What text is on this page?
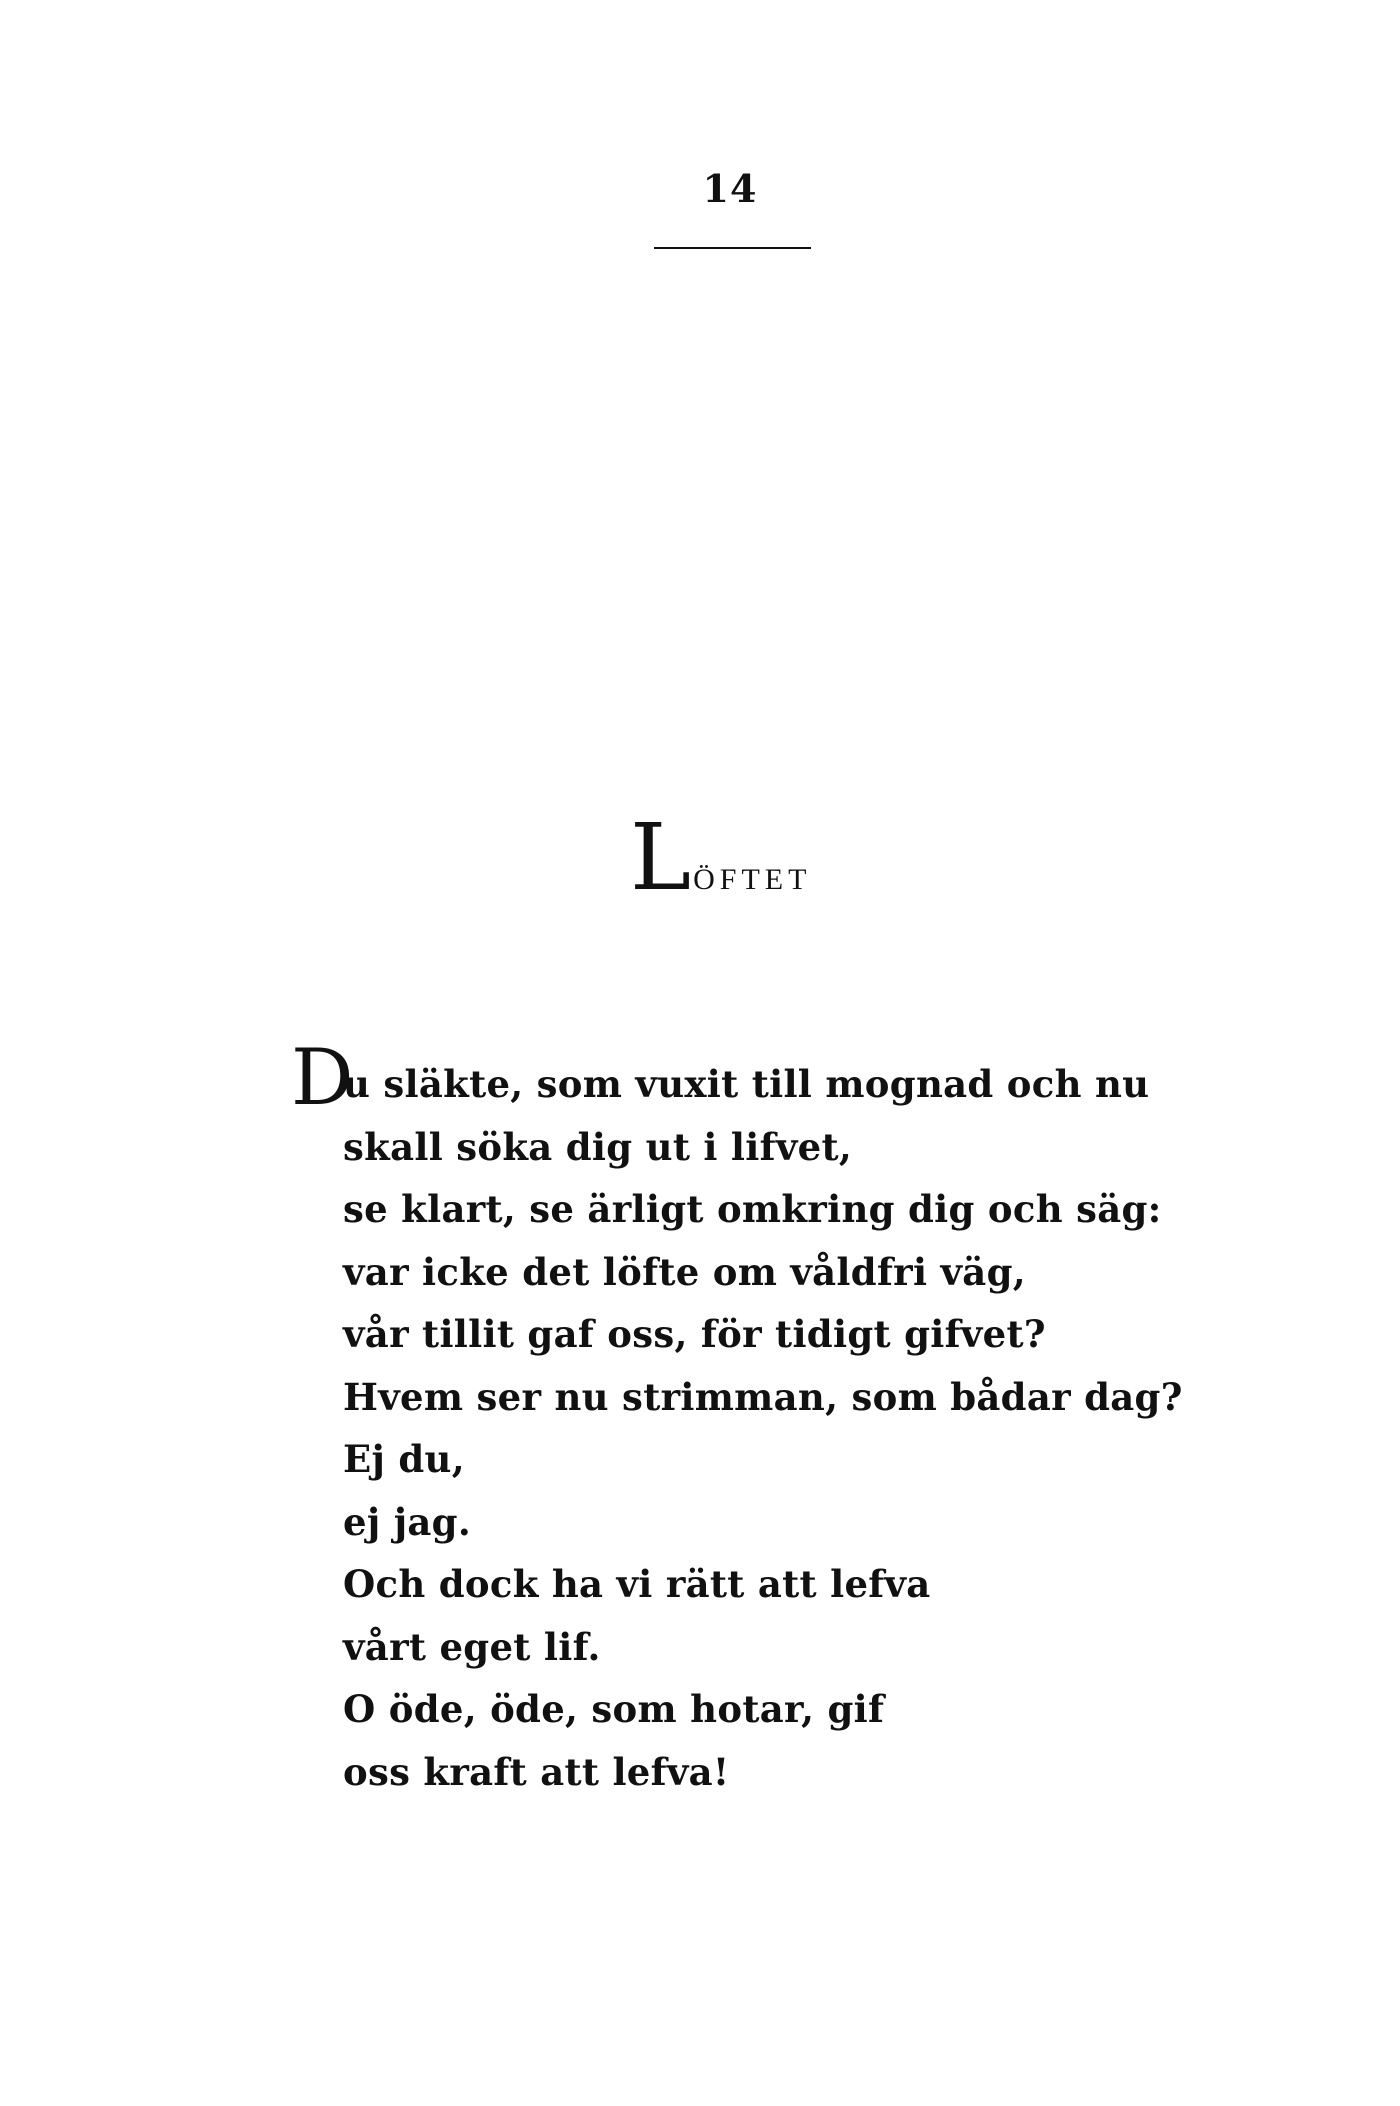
14
LÖFTET
D
u släkte, som vuxit till mognad och nu
skall söka dig ut i lifvet,
se klart, se ärligt omkring dig och säg:
var icke det löfte om våldfri väg,
vår tillit gaf oss, för tidigt gifvet?
Hvem ser nu strimman, som bådar dag?
Ej du,
ej jag.
Och dock ha vi rätt att lefva
vårt eget lif.
O öde, öde, som hotar, gif
oss kraft att lefva!
